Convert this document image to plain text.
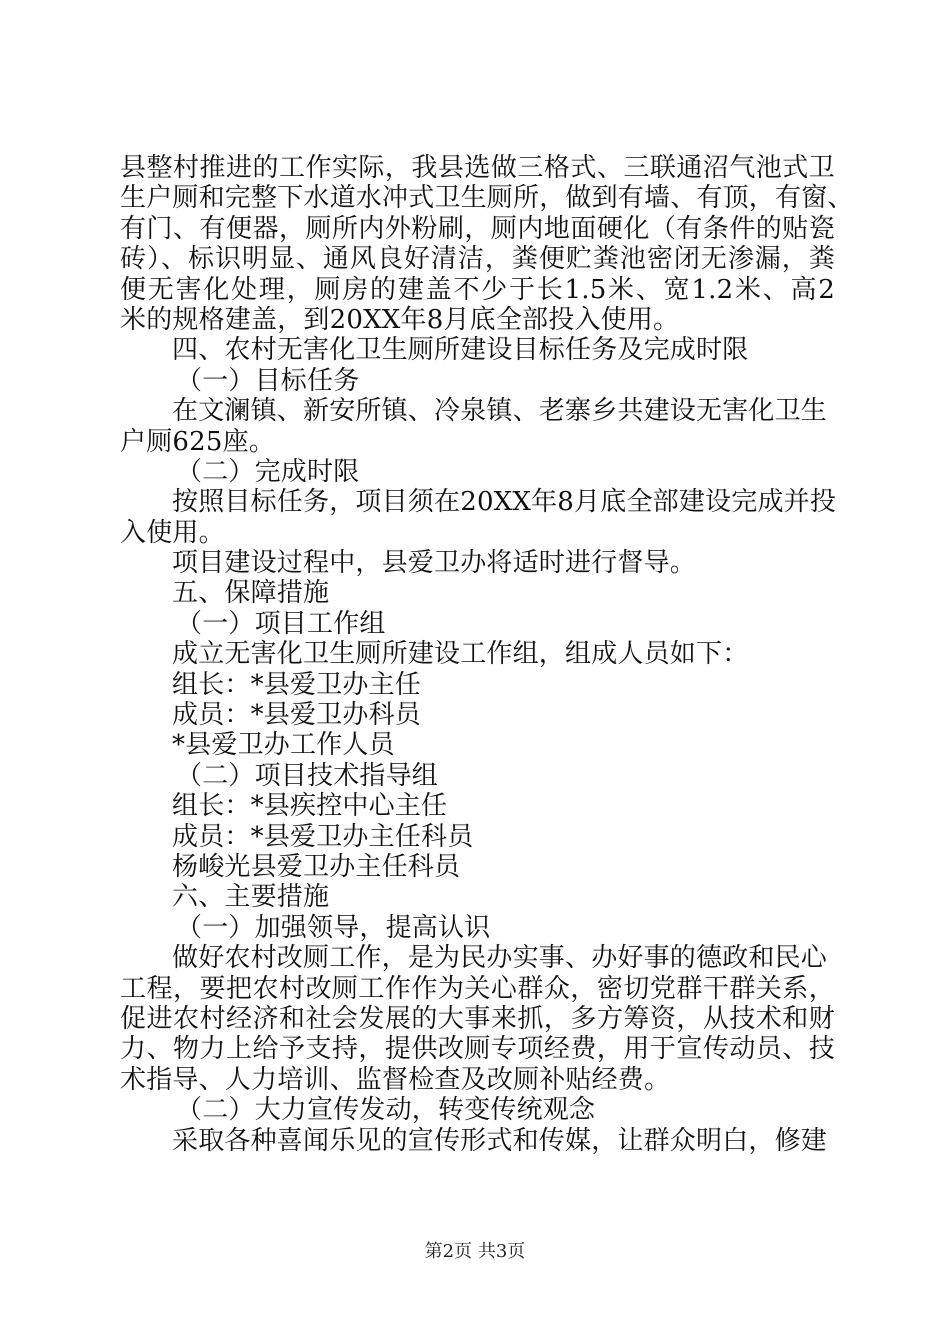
县整村推进的工作实际，我县选做三格式、三联通沼气池式卫
生户厕和完整下水道水冲式卫生厕所，做到有墙、有顶，有窗、
有门、有便器，厕所内外粉刷，厕内地面硬化（有条件的贴瓷
砖）、标识明显、通风良好清洁，粪便贮粪池密闭无渗漏，粪
便无害化处理，厕房的建盖不少于长1.5米、宽1.2米、高2
米的规格建盖，到20XX年8月底全部投入使用。
四、农村无害化卫生厕所建设目标任务及完成时限
（一）目标任务
在文澜镇、新安所镇、冷泉镇、老寨乡共建设无害化卫生
户厕625座。
（二）完成时限
按照目标任务，项目须在20XX年8月底全部建设完成并投
入使用。
项目建设过程中，县爱卫办将适时进行督导。
五、保障措施
（一）项目工作组
成立无害化卫生厕所建设工作组，组成人员如下：
组长：*县爱卫办主任
成员：*县爱卫办科员
*县爱卫办工作人员
（二）项目技术指导组
组长：*县疾控中心主任
成员：*县爱卫办主任科员
杨峻光县爱卫办主任科员
六、主要措施
（一）加强领导，提高认识
做好农村改厕工作，是为民办实事、办好事的德政和民心
工程，要把农村改厕工作作为关心群众，密切党群干群关系，
促进农村经济和社会发展的大事来抓，多方筹资，从技术和财
力、物力上给予支持，提供改厕专项经费，用于宣传动员、技
术指导、人力培训、监督检查及改厕补贴经费。
（二）大力宣传发动，转变传统观念
采取各种喜闻乐见的宣传形式和传媒，让群众明白，修建
第2页 共3页
